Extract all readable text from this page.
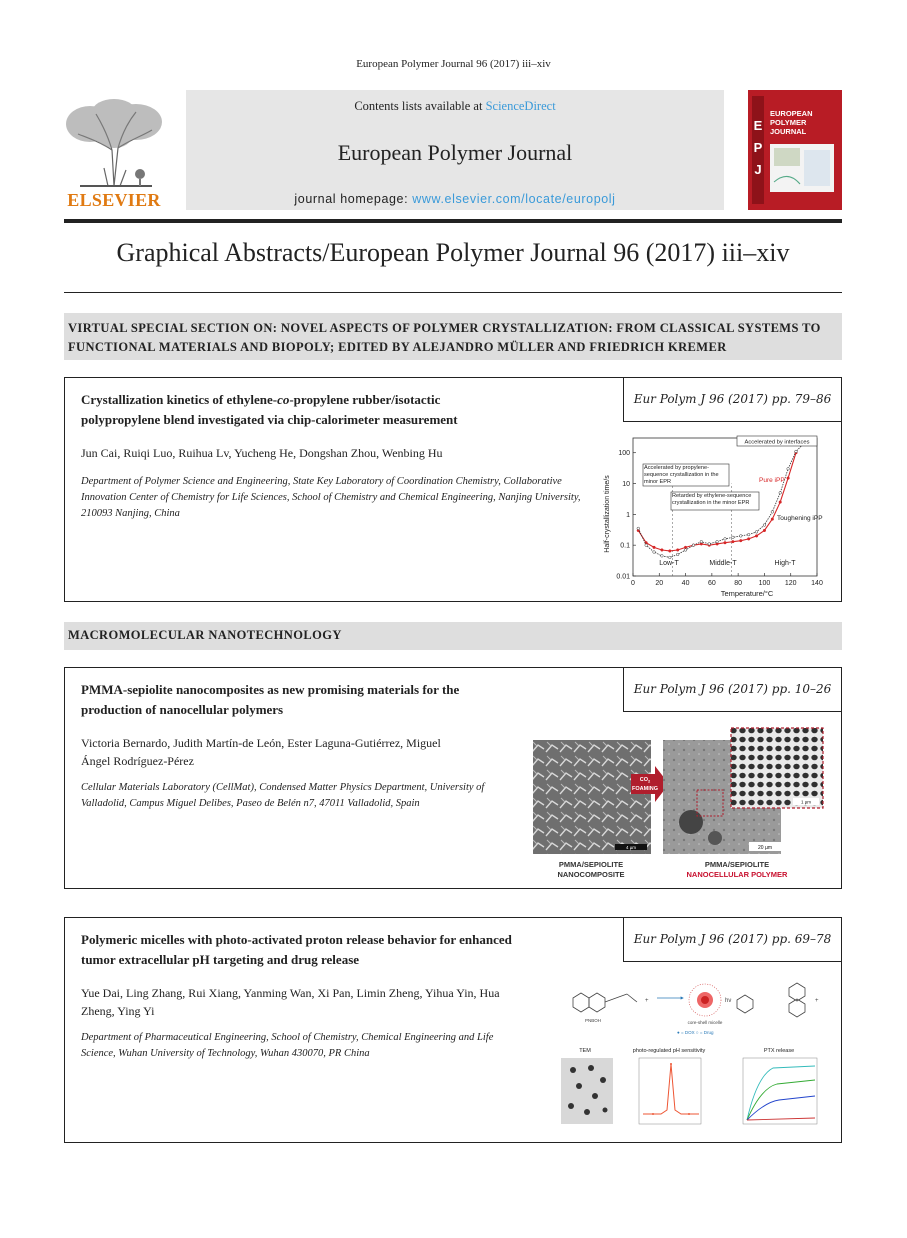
European Polymer Journal 96 (2017) iii–xiv
ELSEVIER
Contents lists available at ScienceDirect
European Polymer Journal
journal homepage: www.elsevier.com/locate/europolj
E
P
J
EUROPEAN
POLYMER
JOURNAL
Graphical Abstracts/European Polymer Journal 96 (2017) iii–xiv
VIRTUAL SPECIAL SECTION ON: NOVEL ASPECTS OF POLYMER CRYSTALLIZATION: FROM CLASSICAL SYSTEMS TO FUNCTIONAL MATERIALS AND BIOPOLY; EDITED BY ALEJANDRO MÜLLER AND FRIEDRICH KREMER
Eur Polym J 96 (2017) pp. 79–86
Crystallization kinetics of ethylene-co-propylene rubber/isotactic polypropylene blend investigated via chip-calorimeter measurement
Jun Cai, Ruiqi Luo, Ruihua Lv, Yucheng He, Dongshan Zhou, Wenbing Hu
Department of Polymer Science and Engineering, State Key Laboratory of Coordination Chemistry, Collaborative Innovation Center of Chemistry for Life Sciences, School of Chemistry and Chemical Engineering, Nanjing University, 210093 Nanjing, China
0	20	40	60	80 100 120 140
0.01
0.1
1
10
100
Temperature/°C
Half-crystallization time/s
Accelerated by interfaces
Accelerated by propylene-sequence crystallization in the minor EPR
Retarded by ethylene-sequence crystallization in the minor EPR
Pure iPP
Toughening iPP
Low-T	Middle-T	High-T
MACROMOLECULAR NANOTECHNOLOGY
Eur Polym J 96 (2017) pp. 10–26
PMMA-sepiolite nanocomposites as new promising materials for the production of nanocellular polymers
Victoria Bernardo, Judith Martín-de León, Ester Laguna-Gutiérrez, Miguel Ángel Rodríguez-Pérez
Cellular Materials Laboratory (CellMat), Condensed Matter Physics Department, University of Valladolid, Campus Miguel Delibes, Paseo de Belén n7, 47011 Valladolid, Spain
4 µm
$CO_2$
FOAMING
20 µm
1 µm
PMMA/SEPIOLITE
NANOCOMPOSITE
PMMA/SEPIOLITE
NANOCELLULAR POLYMER
Eur Polym J 96 (2017) pp. 69–78
Polymeric micelles with photo-activated proton release behavior for enhanced tumor extracellular pH targeting and drug release
Yue Dai, Ling Zhang, Rui Xiang, Yanming Wan, Xi Pan, Limin Zheng, Yihua Yin, Hua Zheng, Ying Yi
Department of Pharmaceutical Engineering, School of Chemistry, Chemical Engineering and Life Science, Wuhan University of Technology, Wuhan 430070, PR China
PNBOH
+
core-shell micelle
hν	+
● = DOX ○ = Drug
TEM	photo-regulated pH sensitivity	PTX release
